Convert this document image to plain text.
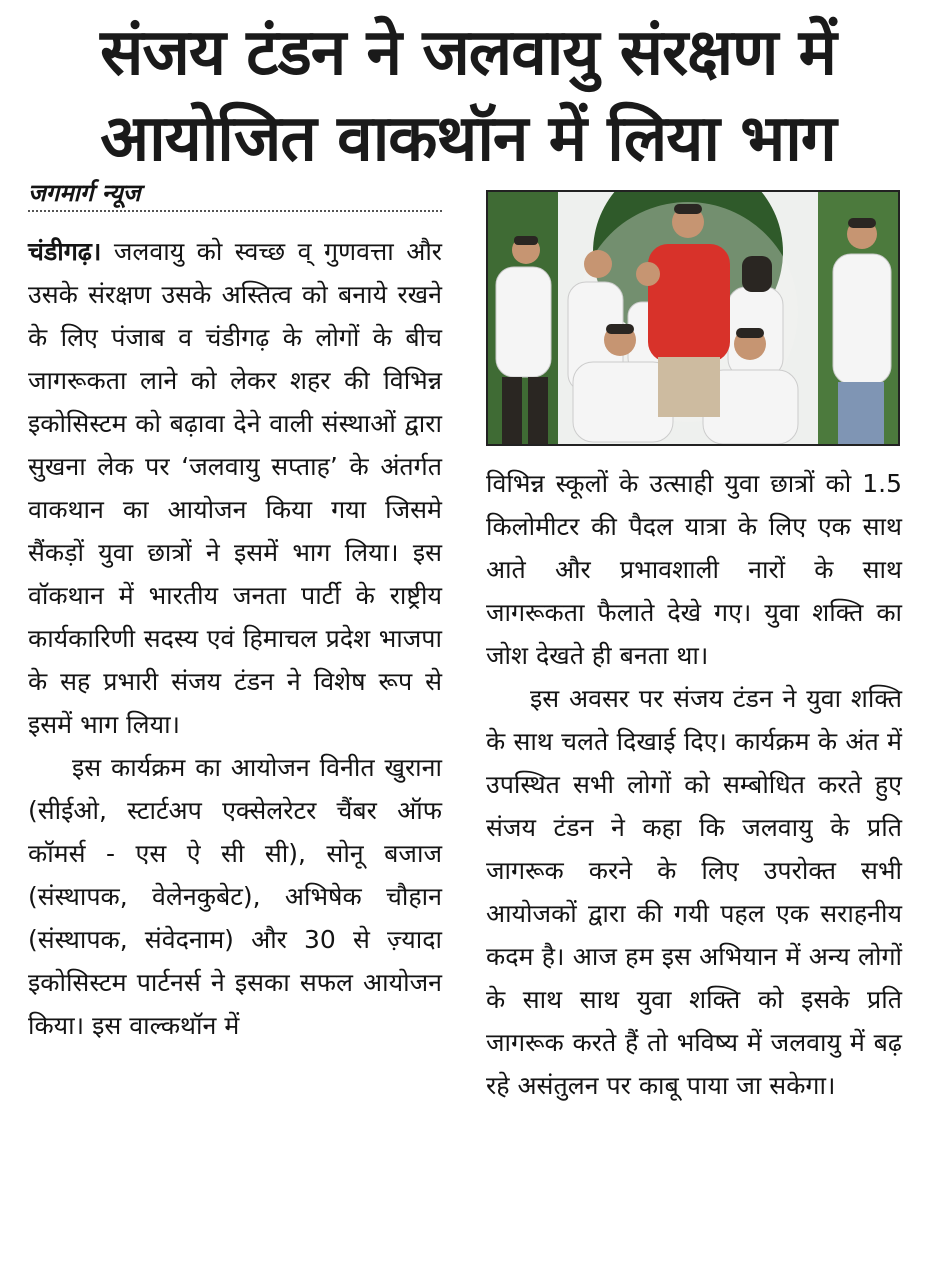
संजय टंडन ने जलवायु संरक्षण में
आयोजित वाकथॉन में लिया भाग
जगमार्ग न्यूज

चंडीगढ़। जलवायु को स्वच्छ व् गुणवत्ता और उसके संरक्षण उसके अस्तित्व को बनाये रखने के लिए पंजाब व चंडीगढ़ के लोगों के बीच जागरूकता लाने को लेकर शहर की विभिन्न इकोसिस्टम को बढ़ावा देने वाली संस्थाओं द्वारा सुखना लेक पर ‘जलवायु सप्ताह’ के अंतर्गत वाकथान का आयोजन किया गया जिसमे सैंकड़ों युवा छात्रों ने इसमें भाग लिया। इस वॉकथान में भारतीय जनता पार्टी के राष्ट्रीय कार्यकारिणी सदस्य एवं हिमाचल प्रदेश भाजपा के सह प्रभारी संजय टंडन ने विशेष रूप से इसमें भाग लिया।

इस कार्यक्रम का आयोजन विनीत खुराना (सीईओ, स्टार्टअप एक्सेलरेटर चैंबर ऑफ कॉमर्स - एस ऐ सी सी), सोनू बजाज (संस्थापक, वेलेनकुबेट), अभिषेक चौहान (संस्थापक, संवेदनाम) और 30 से ज़्यादा इकोसिस्टम पार्टनर्स ने इसका सफल आयोजन किया। इस वाल्कथॉन में

विभिन्न स्कूलों के उत्साही युवा छात्रों को 1.5 किलोमीटर की पैदल यात्रा के लिए एक साथ आते और प्रभावशाली नारों के साथ जागरूकता फैलाते देखे गए। युवा शक्ति का जोश देखते ही बनता था।

इस अवसर पर संजय टंडन ने युवा शक्ति के साथ चलते दिखाई दिए। कार्यक्रम के अंत में उपस्थित सभी लोगों को सम्बोधित करते हुए संजय टंडन ने कहा कि जलवायु के प्रति जागरूक करने के लिए उपरोक्त सभी आयोजकों द्वारा की गयी पहल एक सराहनीय कदम है। आज हम इस अभियान में अन्य लोगों के साथ साथ युवा शक्ति को इसके प्रति जागरूक करते हैं तो भविष्य में जलवायु में बढ़ रहे असंतुलन पर काबू पाया जा सकेगा।
